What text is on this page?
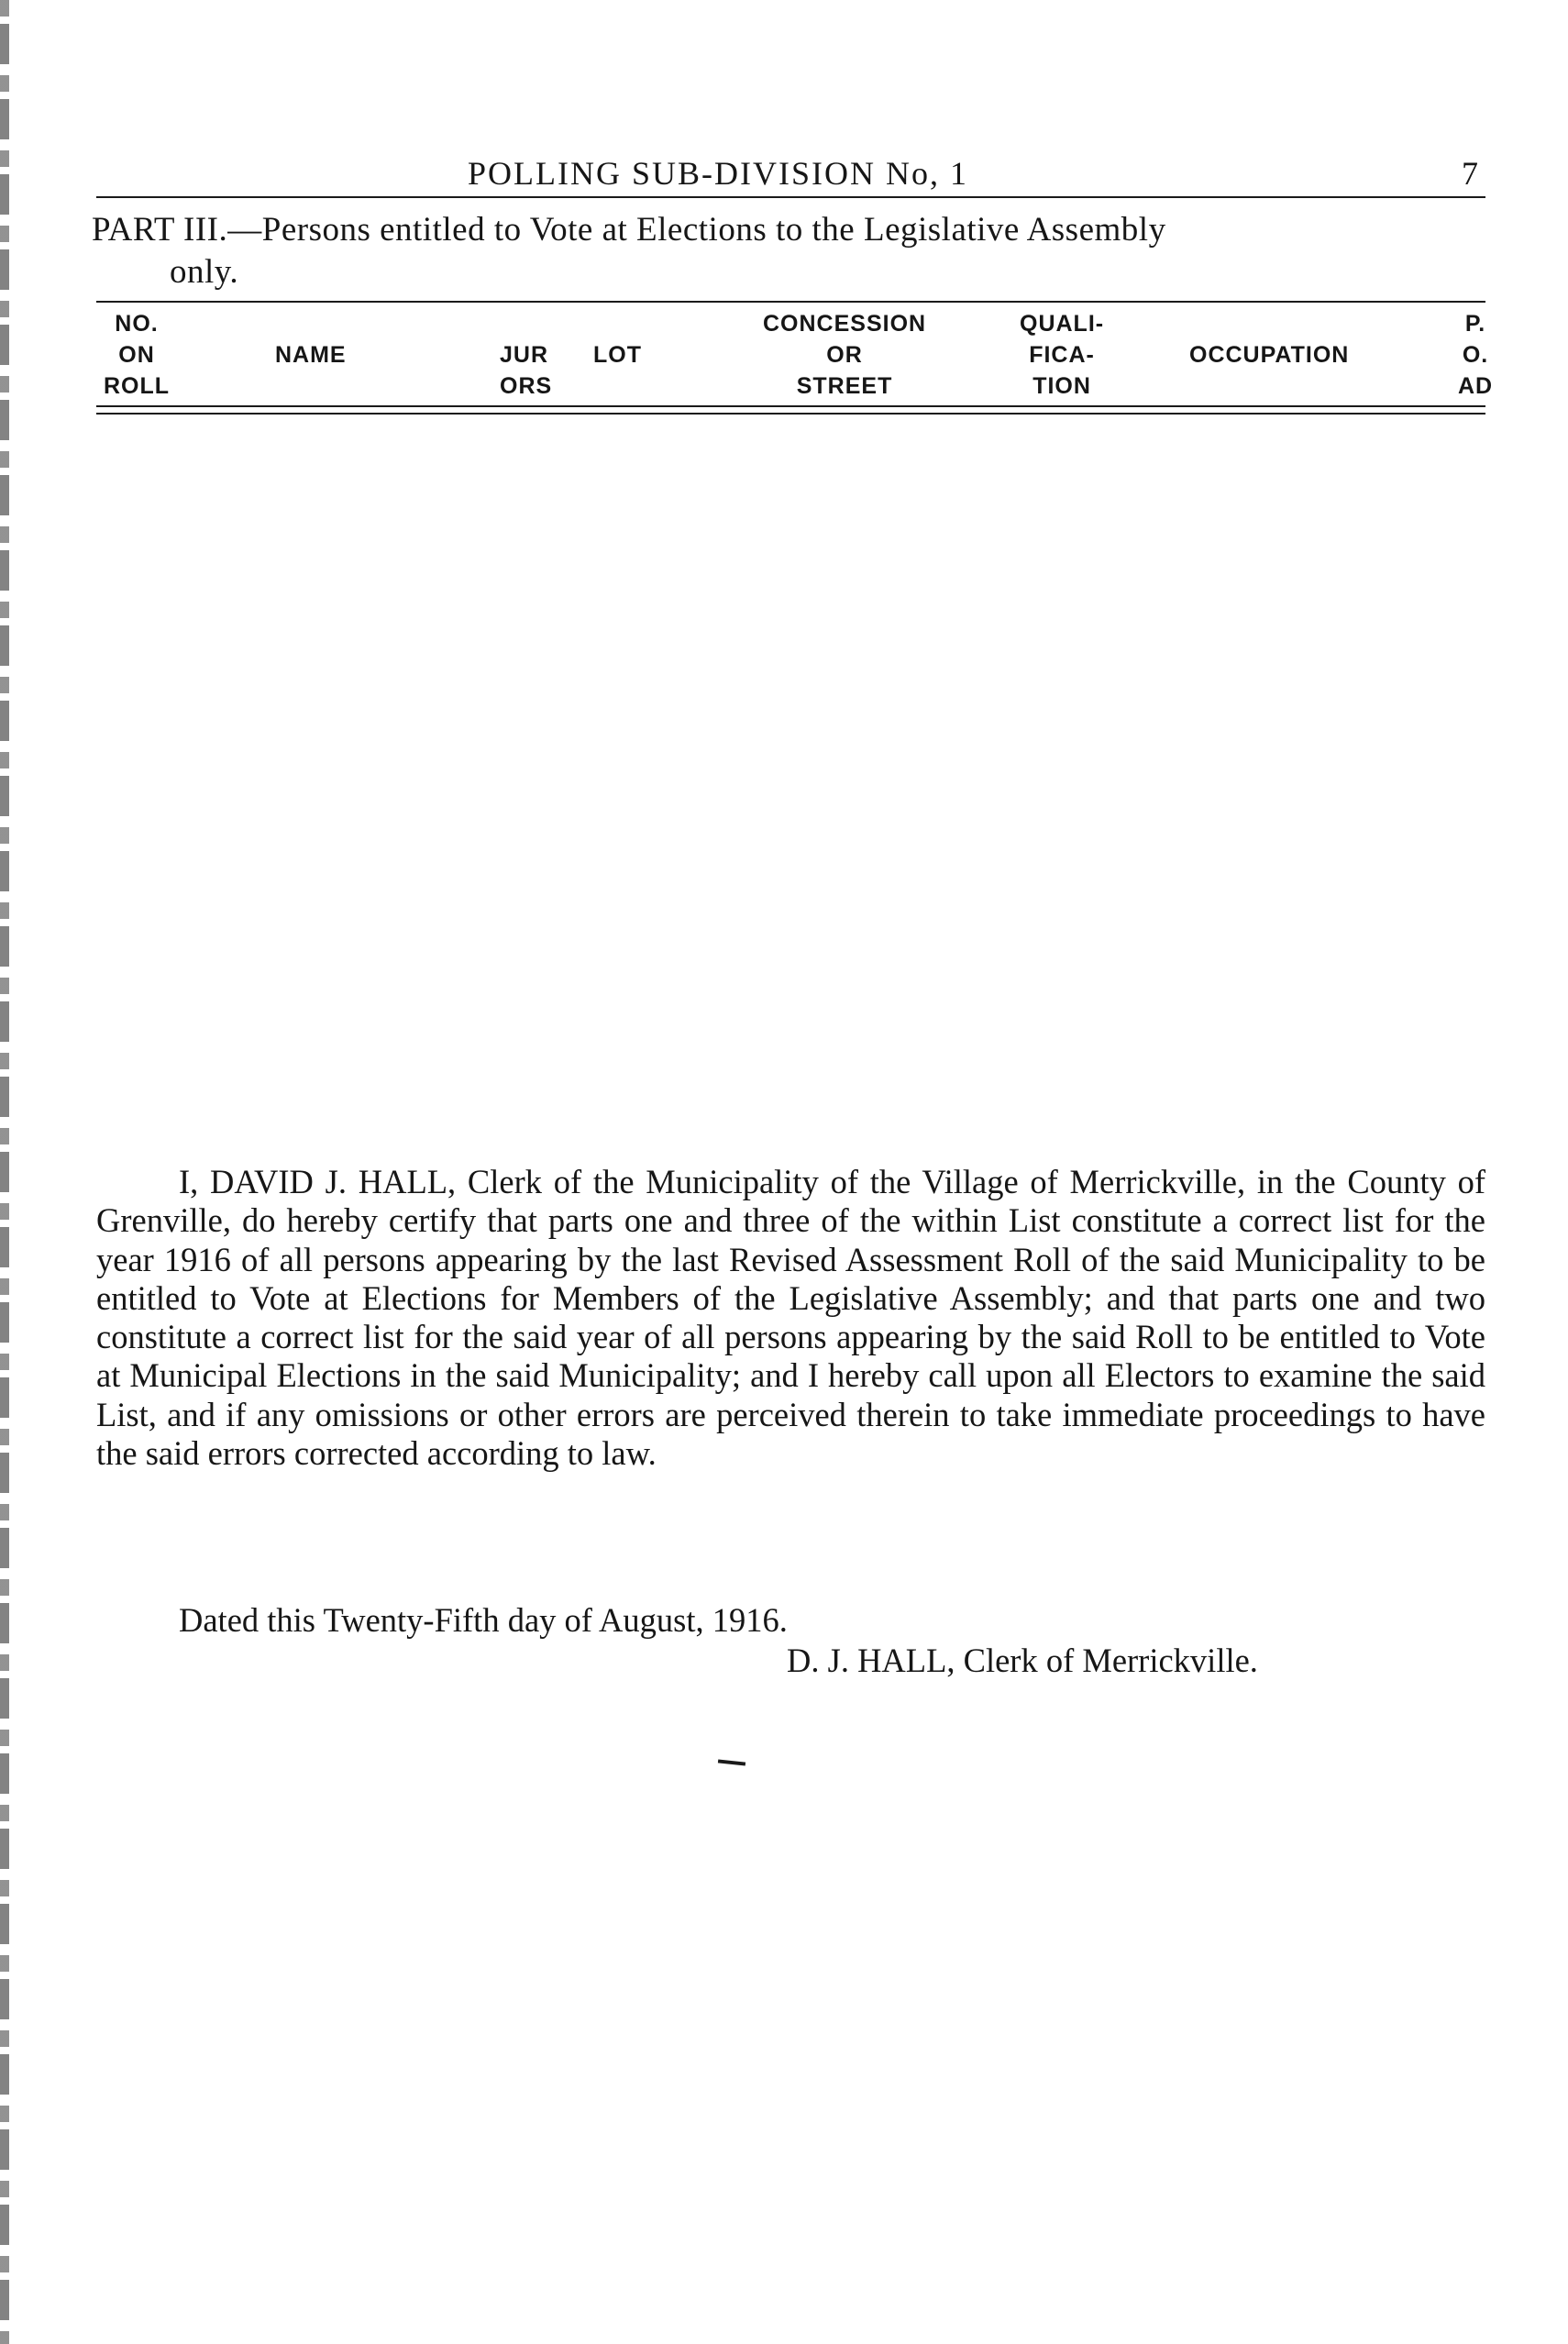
POLLING SUB-DIVISION No, 1	7
PART III.—Persons entitled to Vote at Elections to the Legislative Assembly
only.
NO.
ON
ROLL
NAME	JUR
ORS
LOT
CONCESSION
OR
STREET
QUALI-
FICA-
TION
OCCUPATION
P.
O.
AD

I, DAVID J. HALL, Clerk of the Municipality of the Village of Merrickville, in the County of Grenville, do hereby certify that parts one and three of the within List constitute a correct list for the year 1916 of all persons appearing by the last Revised Assessment Roll of the said Municipality to be entitled to Vote at Elections for Members of the Legislative Assembly; and that parts one and two constitute a correct list for the said year of all persons appearing by the said Roll to be entitled to Vote at Municipal Elections in the said Municipality; and I hereby call upon all Electors to examine the said List, and if any omissions or other errors are perceived therein to take immediate proceedings to have the said errors corrected according to law.

Dated this Twenty-Fifth day of August, 1916.
D. J. HALL, Clerk of Merrickville.
